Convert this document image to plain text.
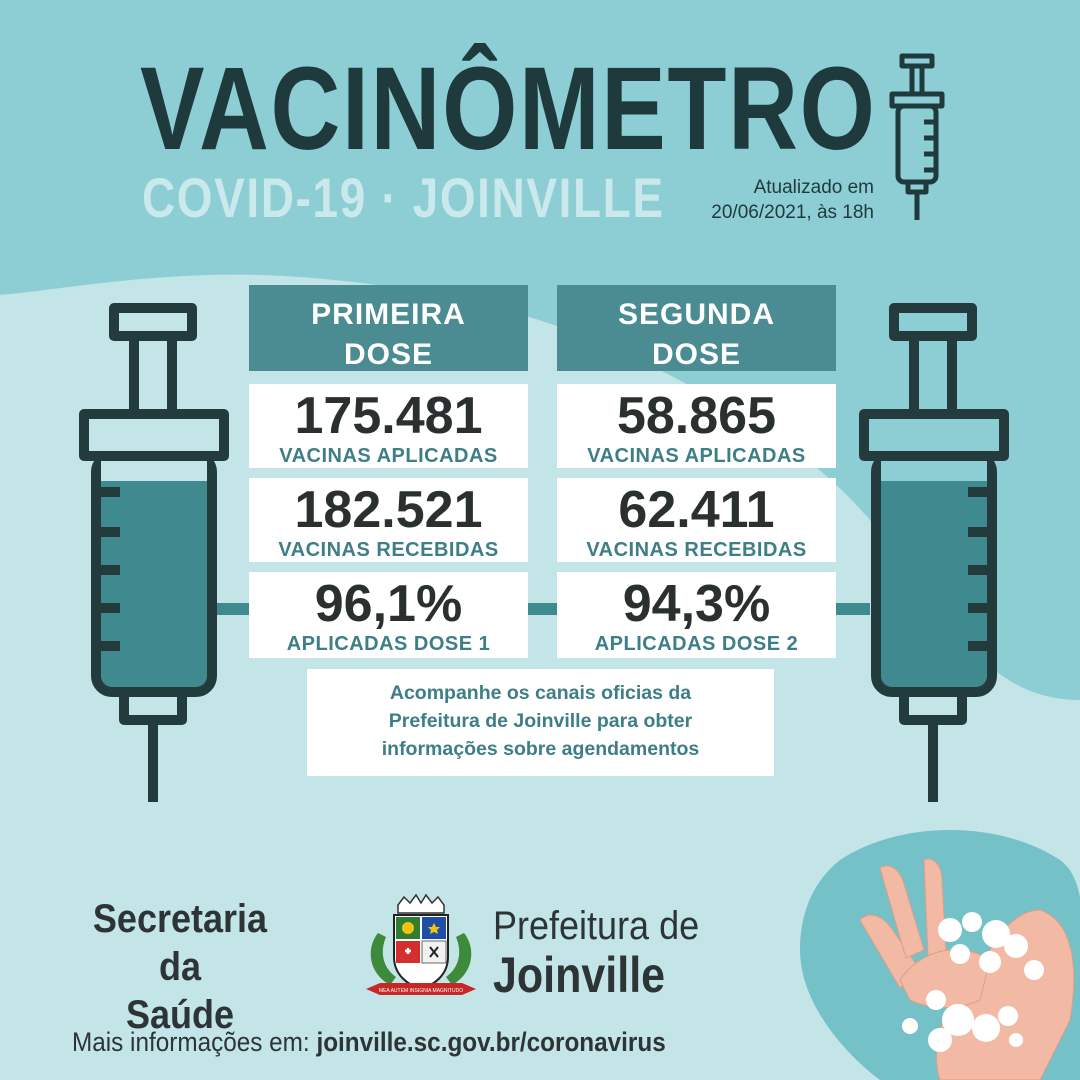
VACINÔMETRO
COVID-19 · JOINVILLE	Atualizado em
20/06/2021, às 18h
PRIMEIRA
DOSE
175.481
VACINAS APLICADAS
182.521
VACINAS RECEBIDAS
96,1%
APLICADAS DOSE 1
SEGUNDA
DOSE
58.865
VACINAS APLICADAS
62.411
VACINAS RECEBIDAS
94,3%
APLICADAS DOSE 2
Acompanhe os canais oficias da
Prefeitura de Joinville para obter
informações sobre agendamentos
Secretaria da
Saúde
MEA AUTEM INSIGNIA MAGNITUDO
Prefeitura de
Joinville
Mais informações em: joinville.sc.gov.br/coronavirus
